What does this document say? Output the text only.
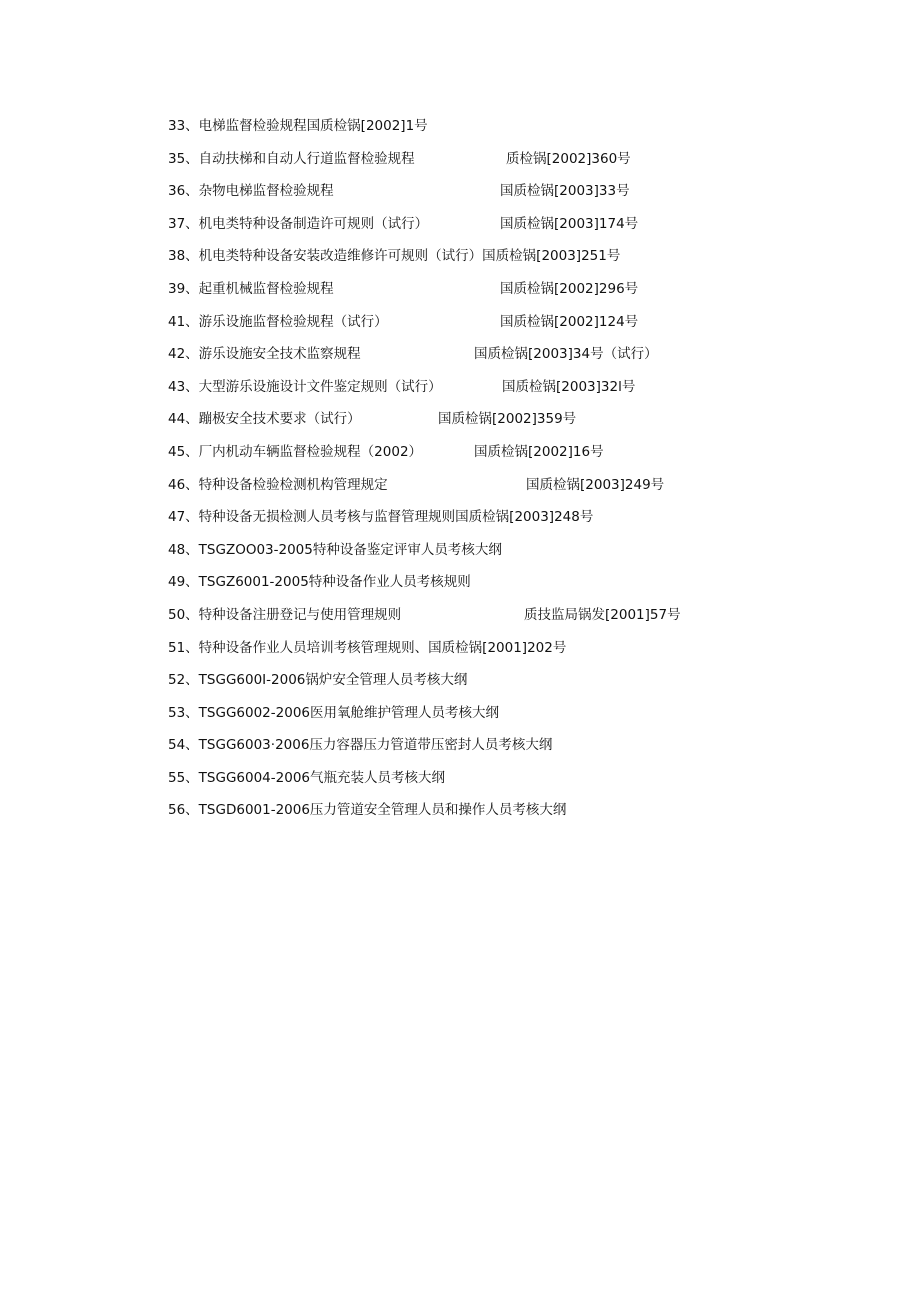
33、电梯监督检验规程国质检锅[2002]1号
35、自动扶梯和自动人行道监督检验规程	质检锅[2002]360号
36、杂物电梯监督检验规程	国质检锅[2003]33号
37、机电类特种设备制造许可规则（试行）	国质检锅[2003]174号
38、机电类特种设备安装改造维修许可规则（试行）国质检锅[2003]251号
39、起重机械监督检验规程	国质检锅[2002]296号
41、游乐设施监督检验规程（试行）	国质检锅[2002]124号
42、游乐设施安全技术监察规程	国质检锅[2003]34号（试行）
43、大型游乐设施设计文件鉴定规则（试行）	国质检锅[2003]32l号
44、蹦极安全技术要求（试行）	国质检锅[2002]359号
45、厂内机动车辆监督检验规程（2002）	国质检锅[2002]16号
46、特种设备检验检测机构管理规定	国质检锅[2003]249号
47、特种设备无损检测人员考核与监督管理规则国质检锅[2003]248号
48、TSGZOO03-2005特种设备鉴定评审人员考核大纲
49、TSGZ6001-2005特种设备作业人员考核规则
50、特种设备注册登记与使用管理规则	质技监局锅发[2001]57号
51、特种设备作业人员培训考核管理规则、国质检锅[2001]202号
52、TSGG600I-2006锅炉安全管理人员考核大纲
53、TSGG6002-2006医用氧舱维护管理人员考核大纲
54、TSGG6003·2006压力容器压力管道带压密封人员考核大纲
55、TSGG6004-2006气瓶充装人员考核大纲
56、TSGD6001-2006压力管道安全管理人员和操作人员考核大纲
